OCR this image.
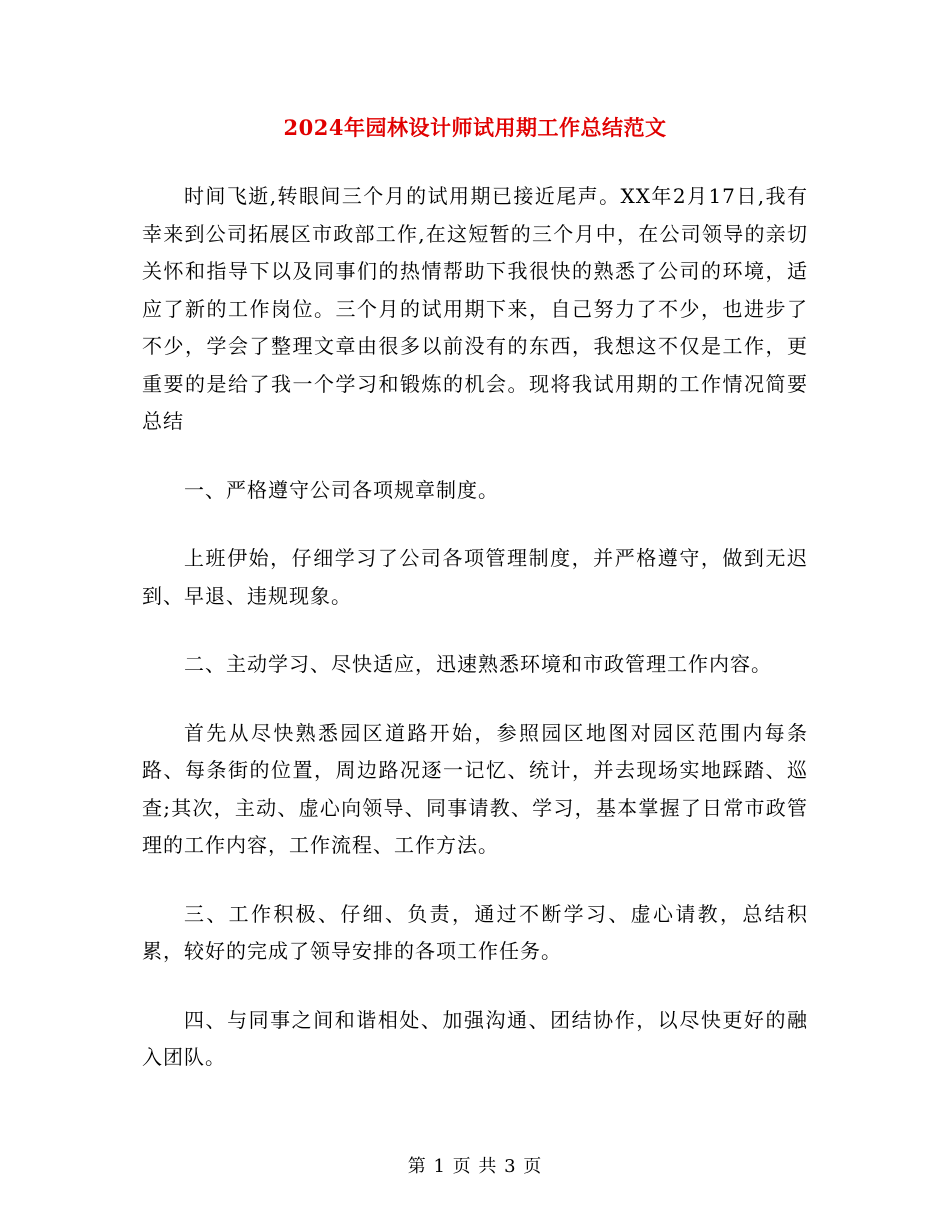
2024年园林设计师试用期工作总结范文

时间飞逝,转眼间三个月的试用期已接近尾声。XX年2月17日,我有幸来到公司拓展区市政部工作,在这短暂的三个月中，在公司领导的亲切关怀和指导下以及同事们的热情帮助下我很快的熟悉了公司的环境，适应了新的工作岗位。三个月的试用期下来，自己努力了不少，也进步了不少，学会了整理文章由很多以前没有的东西，我想这不仅是工作，更重要的是给了我一个学习和锻炼的机会。现将我试用期的工作情况简要总结

一、严格遵守公司各项规章制度。

上班伊始，仔细学习了公司各项管理制度，并严格遵守，做到无迟到、早退、违规现象。

二、主动学习、尽快适应，迅速熟悉环境和市政管理工作内容。

首先从尽快熟悉园区道路开始，参照园区地图对园区范围内每条路、每条街的位置，周边路况逐一记忆、统计，并去现场实地踩踏、巡查;其次，主动、虚心向领导、同事请教、学习，基本掌握了日常市政管理的工作内容，工作流程、工作方法。

三、工作积极、仔细、负责，通过不断学习、虚心请教，总结积累，较好的完成了领导安排的各项工作任务。

四、与同事之间和谐相处、加强沟通、团结协作，以尽快更好的融入团队。

第 1 页 共 3 页
